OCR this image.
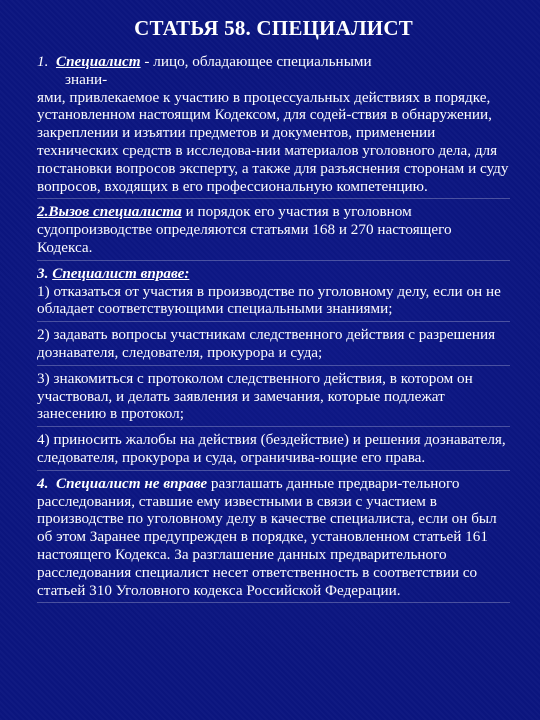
СТАТЬЯ 58. СПЕЦИАЛИСТ

1. Специалист - лицо, обладающее специальными
знани-
ями, привлекаемое к участию в процессуальных действиях в порядке, установленном настоящим Кодексом, для содей-ствия в обнаружении, закреплении и изъятии предметов и документов, применении технических средств в исследова-нии материалов уголовного дела, для постановки вопросов эксперту, а также для разъяснения сторонам и суду вопросов, входящих в его профессиональную компетенцию.

2.Вызов специалиста и порядок его участия в уголовном судопроизводстве определяются статьями 168 и 270 настоящего Кодекса.

3. Специалист вправе:
1) отказаться от участия в производстве по уголовному делу, если он не обладает соответствующими специальными знаниями;

2) задавать вопросы участникам следственного действия с разрешения дознавателя, следователя, прокурора и суда;

3) знакомиться с протоколом следственного действия, в котором он участвовал, и делать заявления и замечания, которые подлежат занесению в протокол;

4) приносить жалобы на действия (бездействие) и решения дознавателя, следователя, прокурора и суда, ограничива-ющие его права.

4. Специалист не вправе разглашать данные предвари-тельного расследования, ставшие ему известными в связи с участием в производстве по уголовному делу в качестве специалиста, если он был об этом Заранее предупрежден в порядке, установленном статьей 161 настоящего Кодекса. За разглашение данных предварительного расследования специалист несет ответственность в соответствии со статьей 310 Уголовного кодекса Российской Федерации.
